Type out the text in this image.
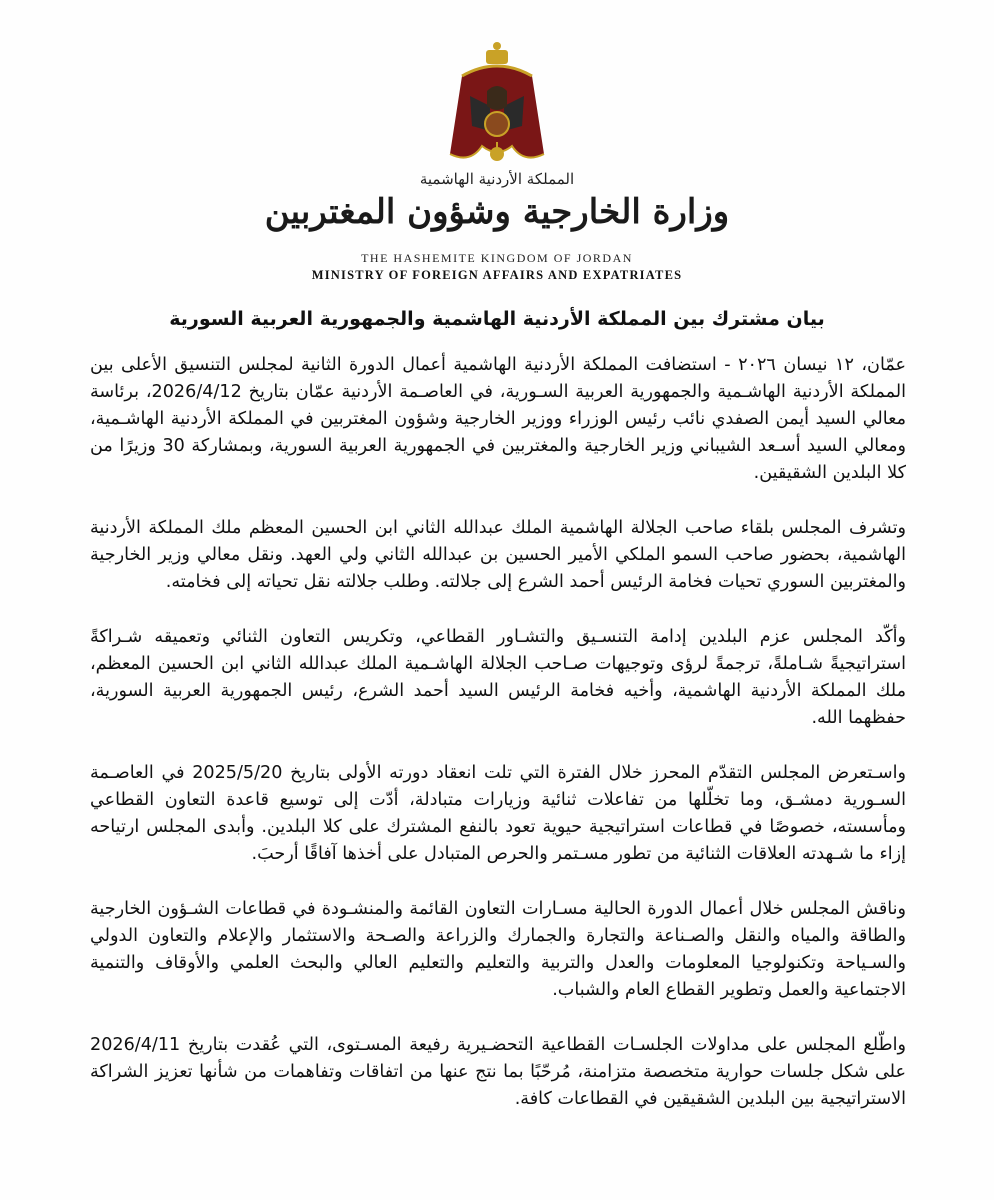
المملكة الأردنية الهاشمية
وزارة الخارجية وشؤون المغتربين
THE HASHEMITE KINGDOM OF JORDAN
MINISTRY OF FOREIGN AFFAIRS AND EXPATRIATES
بيان مشترك بين المملكة الأردنية الهاشمية والجمهورية العربية السورية

عمّان، ١٢ نيسان ٢٠٢٦ - استضافت المملكة الأردنية الهاشمية أعمال الدورة الثانية لمجلس التنسيق الأعلى بين المملكة الأردنية الهاشـمية والجمهورية العربية السـورية، في العاصـمة الأردنية عمّان بتاريخ 2026/4/12، برئاسة معالي السيد أيمن الصفدي نائب رئيس الوزراء ووزير الخارجية وشؤون المغتربين في المملكة الأردنية الهاشـمية، ومعالي السيد أسـعد الشيباني وزير الخارجية والمغتربين في الجمهورية العربية السورية، وبمشاركة 30 وزيرًا من كلا البلدين الشقيقين.

وتشرف المجلس بلقاء صاحب الجلالة الهاشمية الملك عبدالله الثاني ابن الحسين المعظم ملك المملكة الأردنية الهاشمية، بحضور صاحب السمو الملكي الأمير الحسين بن عبدالله الثاني ولي العهد. ونقل معالي وزير الخارجية والمغتربين السوري تحيات فخامة الرئيس أحمد الشرع إلى جلالته. وطلب جلالته نقل تحياته إلى فخامته.

وأكّد المجلس عزم البلدين إدامة التنسـيق والتشـاور القطاعي، وتكريس التعاون الثنائي وتعميقه شـراكةً استراتيجيةً شـاملةً، ترجمةً لرؤى وتوجيهات صـاحب الجلالة الهاشـمية الملك عبدالله الثاني ابن الحسين المعظم، ملك المملكة الأردنية الهاشمية، وأخيه فخامة الرئيس السيد أحمد الشرع، رئيس الجمهورية العربية السورية، حفظهما الله.

واسـتعرض المجلس التقدّم المحرز خلال الفترة التي تلت انعقاد دورته الأولى بتاريخ 2025/5/20 في العاصـمة السـورية دمشـق، وما تخلّلها من تفاعلات ثنائية وزيارات متبادلة، أدّت إلى توسيع قاعدة التعاون القطاعي ومأسسته، خصوصًا في قطاعات استراتيجية حيوية تعود بالنفع المشترك على كلا البلدين. وأبدى المجلس ارتياحه إزاء ما شـهدته العلاقات الثنائية من تطور مسـتمر والحرص المتبادل على أخذها آفاقًا أرحبَ.

وناقش المجلس خلال أعمال الدورة الحالية مسـارات التعاون القائمة والمنشـودة في قطاعات الشـؤون الخارجية والطاقة والمياه والنقل والصـناعة والتجارة والجمارك والزراعة والصـحة والاستثمار والإعلام والتعاون الدولي والسـياحة وتكنولوجيا المعلومات والعدل والتربية والتعليم والتعليم العالي والبحث العلمي والأوقاف والتنمية الاجتماعية والعمل وتطوير القطاع العام والشباب.

واطّلع المجلس على مداولات الجلسـات القطاعية التحضـيرية رفيعة المسـتوى، التي عُقدت بتاريخ 2026/4/11 على شكل جلسات حوارية متخصصة متزامنة، مُرحّبًا بما نتج عنها من اتفاقات وتفاهمات من شأنها تعزيز الشراكة الاستراتيجية بين البلدين الشقيقين في القطاعات كافة.
